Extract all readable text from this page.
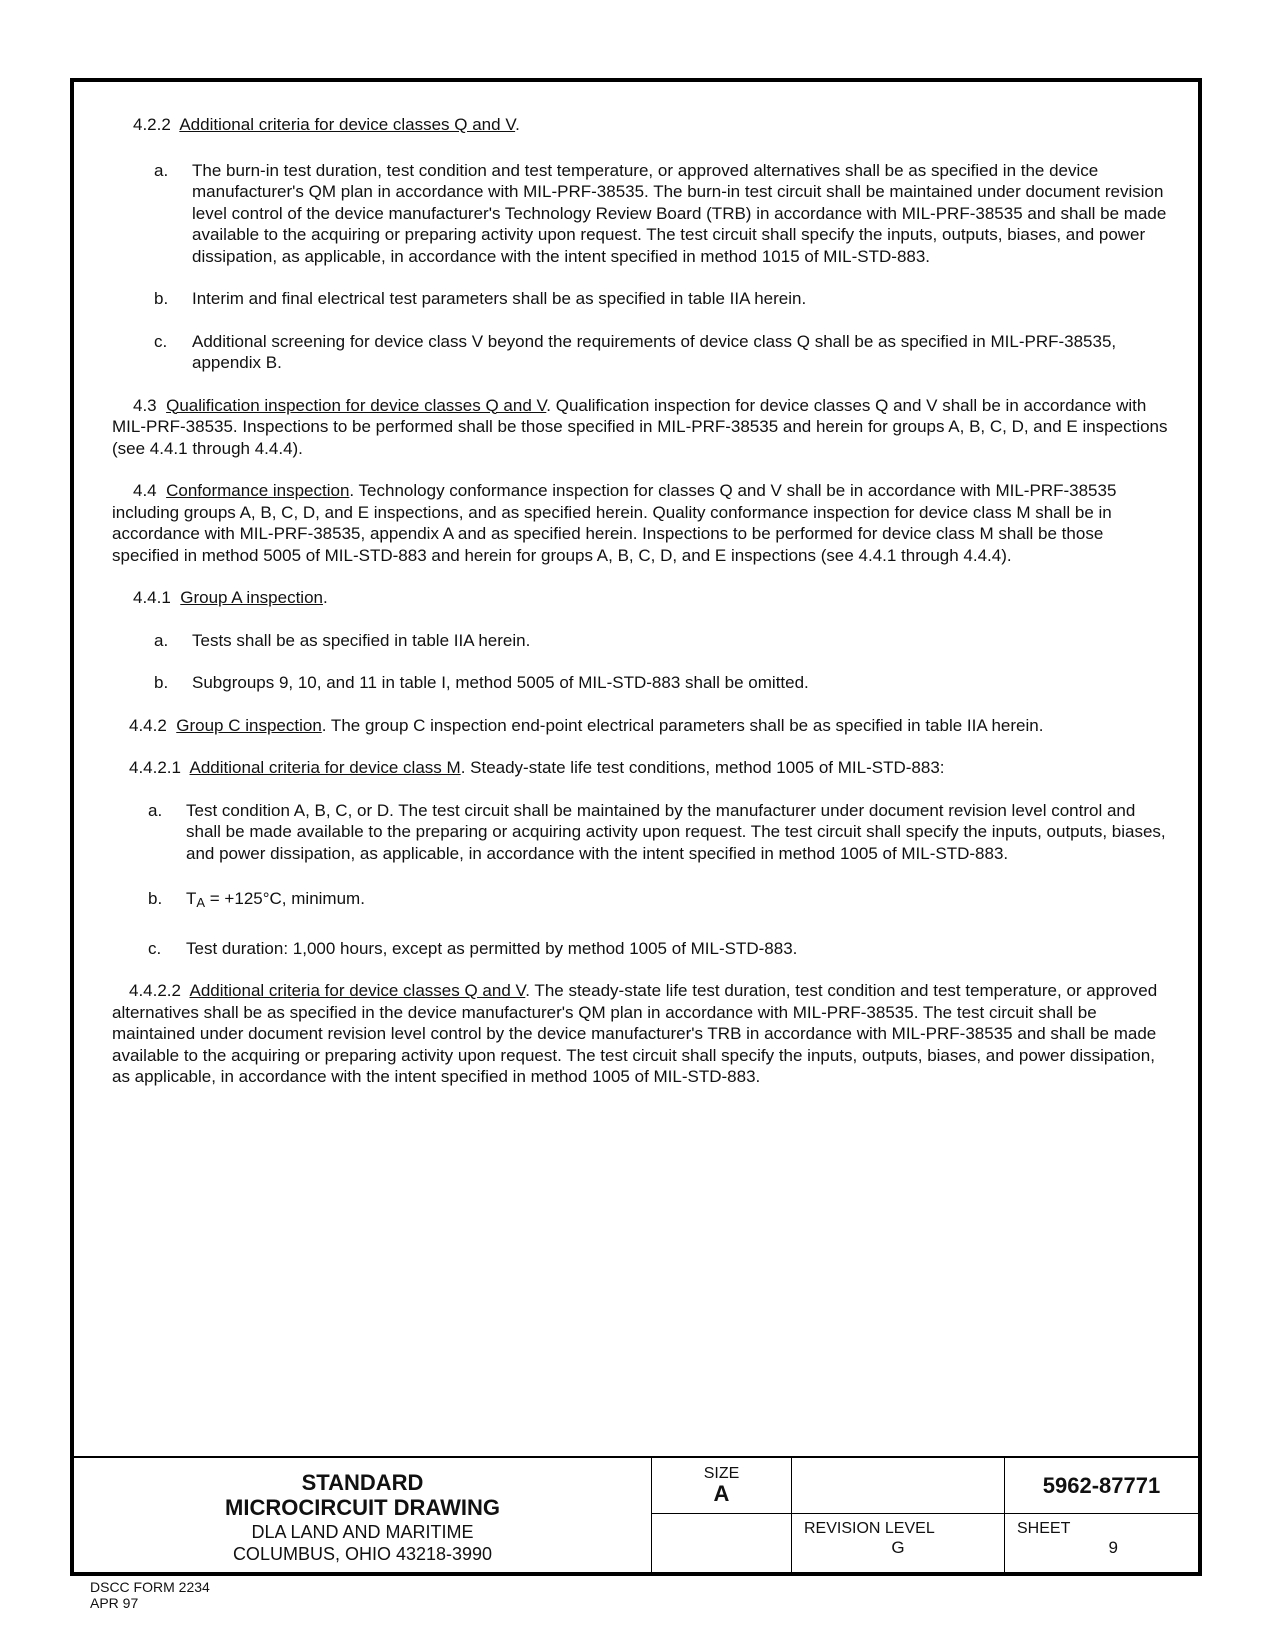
4.2.2 Additional criteria for device classes Q and V.

a.	The burn-in test duration, test condition and test temperature, or approved alternatives shall be as specified in the device manufacturer's QM plan in accordance with MIL-PRF-38535. The burn-in test circuit shall be maintained under document revision level control of the device manufacturer's Technology Review Board (TRB) in accordance with MIL-PRF-38535 and shall be made available to the acquiring or preparing activity upon request. The test circuit shall specify the inputs, outputs, biases, and power dissipation, as applicable, in accordance with the intent specified in method 1015 of MIL-STD-883.
b.	Interim and final electrical test parameters shall be as specified in table IIA herein.
c.	Additional screening for device class V beyond the requirements of device class Q shall be as specified in MIL-PRF-38535, appendix B.

4.3 Qualification inspection for device classes Q and V. Qualification inspection for device classes Q and V shall be in accordance with MIL-PRF-38535. Inspections to be performed shall be those specified in MIL-PRF-38535 and herein for groups A, B, C, D, and E inspections (see 4.4.1 through 4.4.4).

4.4 Conformance inspection. Technology conformance inspection for classes Q and V shall be in accordance with MIL-PRF-38535 including groups A, B, C, D, and E inspections, and as specified herein. Quality conformance inspection for device class M shall be in accordance with MIL-PRF-38535, appendix A and as specified herein. Inspections to be performed for device class M shall be those specified in method 5005 of MIL-STD-883 and herein for groups A, B, C, D, and E inspections (see 4.4.1 through 4.4.4).

4.4.1 Group A inspection.

a.	Tests shall be as specified in table IIA herein.
b.	Subgroups 9, 10, and 11 in table I, method 5005 of MIL-STD-883 shall be omitted.

4.4.2 Group C inspection. The group C inspection end-point electrical parameters shall be as specified in table IIA herein.

4.4.2.1 Additional criteria for device class M. Steady-state life test conditions, method 1005 of MIL-STD-883:

a.	Test condition A, B, C, or D. The test circuit shall be maintained by the manufacturer under document revision level control and shall be made available to the preparing or acquiring activity upon request. The test circuit shall specify the inputs, outputs, biases, and power dissipation, as applicable, in accordance with the intent specified in method 1005 of MIL-STD-883.
b.	$T_A = +125^\circ C$, minimum.
c.	Test duration: 1,000 hours, except as permitted by method 1005 of MIL-STD-883.

4.4.2.2 Additional criteria for device classes Q and V. The steady-state life test duration, test condition and test temperature, or approved alternatives shall be as specified in the device manufacturer's QM plan in accordance with MIL-PRF-38535. The test circuit shall be maintained under document revision level control by the device manufacturer's TRB in accordance with MIL-PRF-38535 and shall be made available to the acquiring or preparing activity upon request. The test circuit shall specify the inputs, outputs, biases, and power dissipation, as applicable, in accordance with the intent specified in method 1005 of MIL-STD-883.

STANDARD
MICROCIRCUIT DRAWING
DLA LAND AND MARITIME
COLUMBUS, OHIO 43218-3990
SIZE
A
REVISION LEVEL
G
5962-87771
SHEET
9
DSCC FORM 2234
APR 97
